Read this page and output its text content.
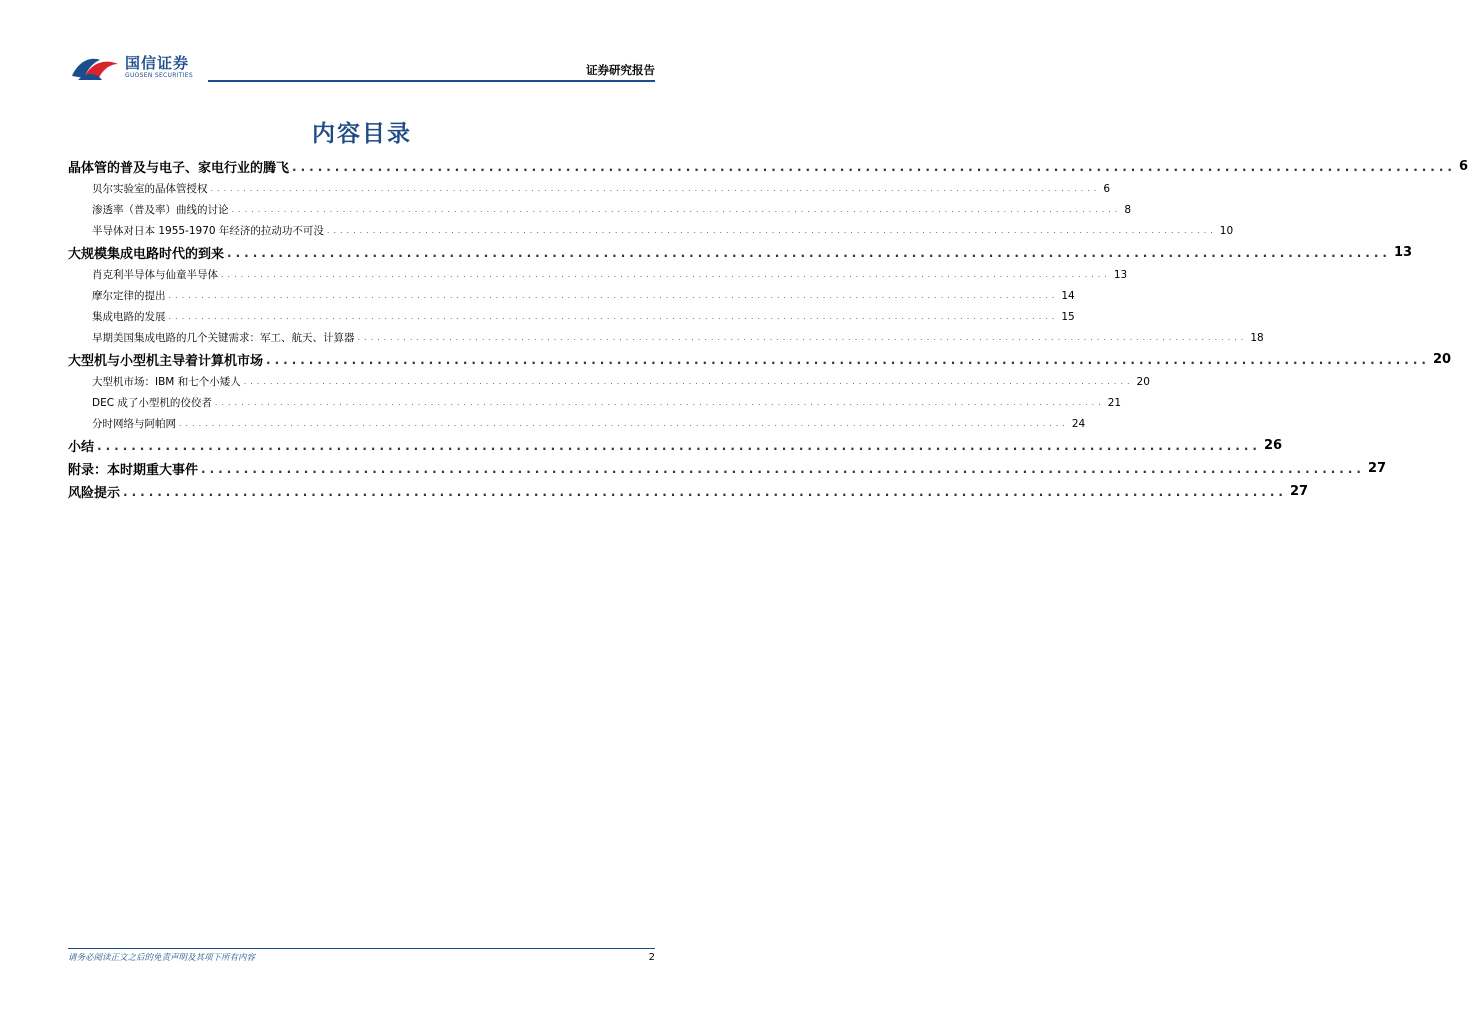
国信证券
GUOSEN SECURITIES	证券研究报告
内容目录
晶体管的普及与电子、家电行业的腾飞 ........................................................................................................................................ 6
贝尔实验室的晶体管授权 ........................................................................................................................................ 6
渗透率（普及率）曲线的讨论 ........................................................................................................................................ 8
半导体对日本 1955-1970 年经济的拉动功不可没 ........................................................................................................................................ 10
大规模集成电路时代的到来 ........................................................................................................................................ 13
肖克利半导体与仙童半导体 ........................................................................................................................................ 13
摩尔定律的提出 ........................................................................................................................................ 14
集成电路的发展 ........................................................................................................................................ 15
早期美国集成电路的几个关键需求：军工、航天、计算器 ........................................................................................................................................ 18
大型机与小型机主导着计算机市场 ........................................................................................................................................ 20
大型机市场：IBM 和七个小矮人 ........................................................................................................................................ 20
DEC 成了小型机的佼佼者 ........................................................................................................................................ 21
分时网络与阿帕网 ........................................................................................................................................ 24
小结 ........................................................................................................................................ 26
附录：本时期重大事件 ........................................................................................................................................ 27
风险提示 ........................................................................................................................................ 27
请务必阅读正文之后的免责声明及其项下所有内容	2
